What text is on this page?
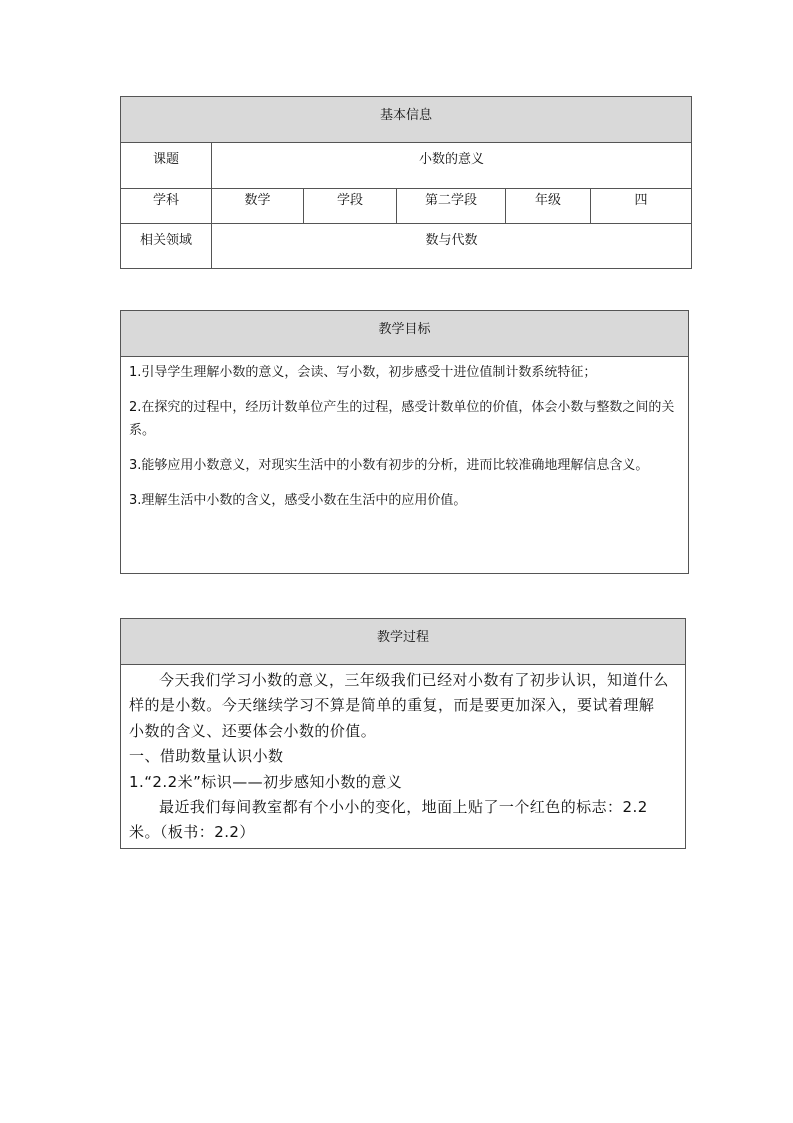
基本信息					
课题	小数的意义				
学科	数学	学段	第二学段	年级	四
相关领域	数与代数				
教学目标

1.引导学生理解小数的意义，会读、写小数，初步感受十进位值制计数系统特征；

2.在探究的过程中，经历计数单位产生的过程，感受计数单位的价值，体会小数与整数之间的关系。

3.能够应用小数意义，对现实生活中的小数有初步的分析，进而比较准确地理解信息含义。

3.理解生活中小数的含义，感受小数在生活中的应用价值。

教学过程

今天我们学习小数的意义，三年级我们已经对小数有了初步认识，知道什么样的是小数。今天继续学习不算是简单的重复，而是要更加深入，要试着理解小数的含义、还要体会小数的价值。

一、借助数量认识小数

1.“2.2米”标识——初步感知小数的意义

最近我们每间教室都有个小小的变化，地面上贴了一个红色的标志：2.2米。（板书：2.2）
